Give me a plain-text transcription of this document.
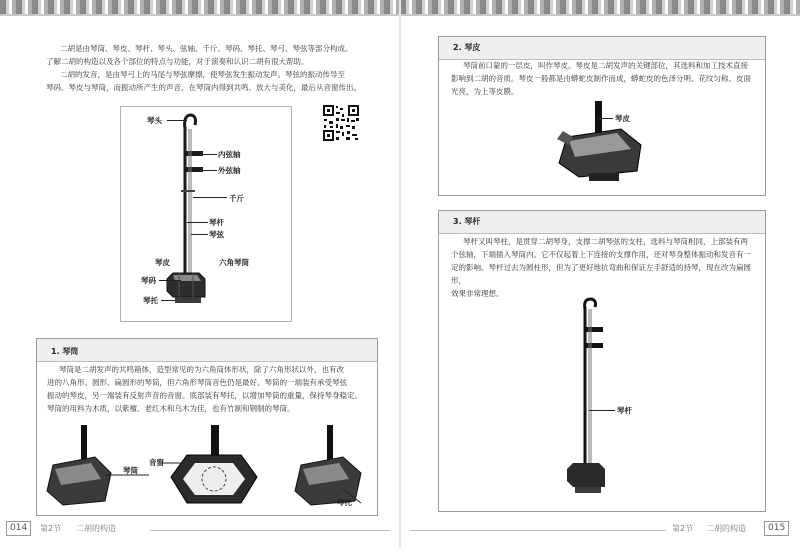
二胡是由琴筒、琴皮、琴杆、琴头、弦轴、千斤、琴码、琴托、琴弓、琴弦等部分构成。
了解二胡的构造以及各个部位的特点与功能，对于演奏和认识二胡有很大帮助。
二胡的发音，是由琴弓上的马尾与琴弦摩擦，使琴弦发生振动发声。琴弦的振动传导至
琴码、琴皮与琴筒，而振动所产生的声音，在琴筒内得到共鸣、放大与美化，最后从音窗传出。
琴头
内弦轴
外弦轴
千斤
琴杆
琴弦
琴皮	六角琴筒
琴码
琴托
1. 琴筒
琴筒是二胡发声的共鸣箱体，造型常见的为六角筒体形状，除了六角形状以外，也有改
进的八角形、圆形、扁圆形的琴筒，但六角形琴筒音色仍是最好。琴筒的一端装有承受琴弦
振动的琴皮，另一端装有反射声音的音窗。底部装有琴托，以增加琴筒的重量，保持琴身稳定。
琴筒的用料为木质，以紫檀、老红木和乌木为佳，也有竹制和钢制的琴筒。
琴筒
音窗
琴托
014	第2节 二胡的构造
2. 琴皮
琴筒前口蒙的一层皮，叫作琴皮。琴皮是二胡发声的关键部位，其选料和加工技术直接
影响到二胡的音质。琴皮一般都是由蟒蛇皮制作而成，蟒蛇皮的色泽分明、花纹匀称、皮面
光亮，为上等皮膜。
琴皮
3. 琴杆
琴杆又叫琴柱，是贯穿二胡琴身，支撑二胡琴弦的支柱，选料与琴筒相同，上部装有两
个弦轴，下端插入琴筒内。它不仅起着上下连接的支撑作用，还对琴身整体振动和发音有一
定的影响。琴杆过去为圆柱形，但为了更好地抗弯曲和保证左手舒适的持琴，现在改为扁圆形，
效果非常理想。
琴杆
第2节 二胡的构造	015
